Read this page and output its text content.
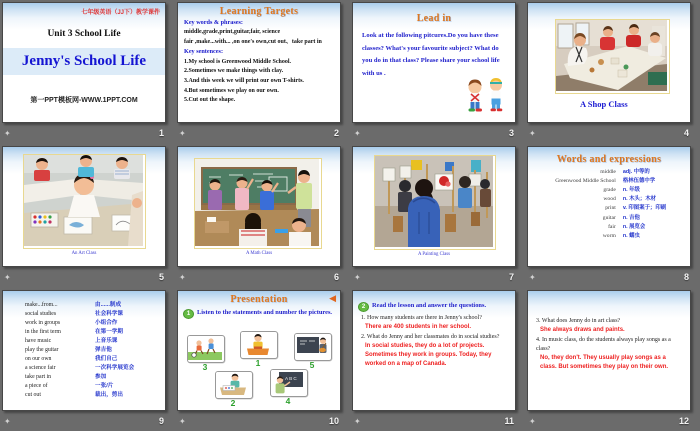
七年级英语（JJ下）教学课件
Unit 3 School Life
Jenny's School Life
第一PPT模板网-WWW.1PPT.COM
✦	1
Learning Targets
Key words & phrases:
middle,grade,print,guitar,fair, science
fair ,make...with... ,on one's own,cut out、take part in
Key sentences:
1.My school is Greenwood Middle School.
2.Sometimes we make things with clay.
3.And this week we will print our own T-shirts.
4.But sometimes we play on our own.
5.Cut out the shape.
✦	2
Lead in
Look at the following pitcures.Do you have these classes? What's your favourite subject? What do you do in that class? Please share your school life with us .
✦	3
A Shop Class
✦	4
An Art Class
✦	5
A Math Class
✦	6
A Painting Class
✦	7
Words and expressions
middle	adj. 中等的
Greenwood Middle School	格林伍德中学
grade	n. 年级
wood	n. 木头；木材
print	v. 印图案于；印刷
guitar	n. 吉他
fair	n. 展览会
worm	n. 蠕虫
✦	8
make...from...	由......制成
social studies	社会科学课
work in groups	小组合作
in the first term	在第一学期
have music	上音乐课
play the guitar	弹吉他
on our own	我们自己
a science fair	一次科学展览会
take part in	参加
a piece of	一张/片
cut out	裁出，剪出
✦	9
◀
Presentation
1	Listen to the statements and number the pictures.
3	1	5
2
A B C
4
✦	10
2	Read the lesson and answer the questions.

1. How many students are there in Jenny's school?

There are 400 students in her school.

2. What do Jenny and her classmates do in social studies?

In social studies, they do a lot of projects. Sometimes they work in groups. Today, they worked on a map of Canada.

✦	11

3. What does Jenny do in art class?

She always draws and paints.

4. In music class, do the students always play songs as a class?

No, they don't. They usually play songs as a class. But sometimes they play on their own.

✦	12
